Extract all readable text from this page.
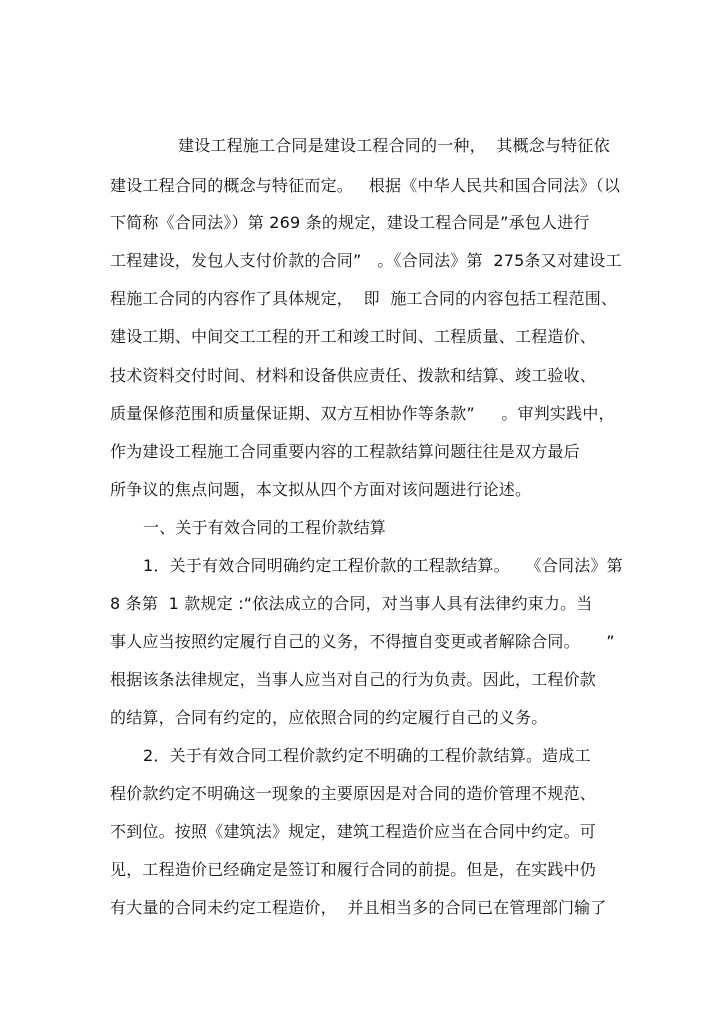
建设工程施工合同是建设工程合同的一种，  其概念与特征依
建设工程合同的概念与特征而定。   根据《中华人民共和国合同法》（以
下简称《合同法》）第 269 条的规定，建设工程合同是”承包人进行
工程建设，发包人支付价款的合同”   。《合同法》第  275条又对建设工
程施工合同的内容作了具体规定，  即  施工合同的内容包括工程范围、
建设工期、中间交工工程的开工和竣工时间、工程质量、工程造价、
技术资料交付时间、材料和设备供应责任、拨款和结算、竣工验收、
质量保修范围和质量保证期、双方互相协作等条款”     。审判实践中，
作为建设工程施工合同重要内容的工程款结算问题往往是双方最后
所争议的焦点问题，本文拟从四个方面对该问题进行论述。
一、关于有效合同的工程价款结算
1．关于有效合同明确约定工程价款的工程款结算。   《合同法》第
8 条第  1 款规定 :“依法成立的合同，对当事人具有法律约束力。当
事人应当按照约定履行自己的义务，不得擅自变更或者解除合同。     ”
根据该条法律规定，当事人应当对自己的行为负责。因此，工程价款
的结算，合同有约定的，应依照合同的约定履行自己的义务。
2．关于有效合同工程价款约定不明确的工程价款结算。造成工
程价款约定不明确这一现象的主要原因是对合同的造价管理不规范、
不到位。按照《建筑法》规定，建筑工程造价应当在合同中约定。可
见，工程造价已经确定是签订和履行合同的前提。但是，在实践中仍
有大量的合同未约定工程造价，  并且相当多的合同已在管理部门输了
